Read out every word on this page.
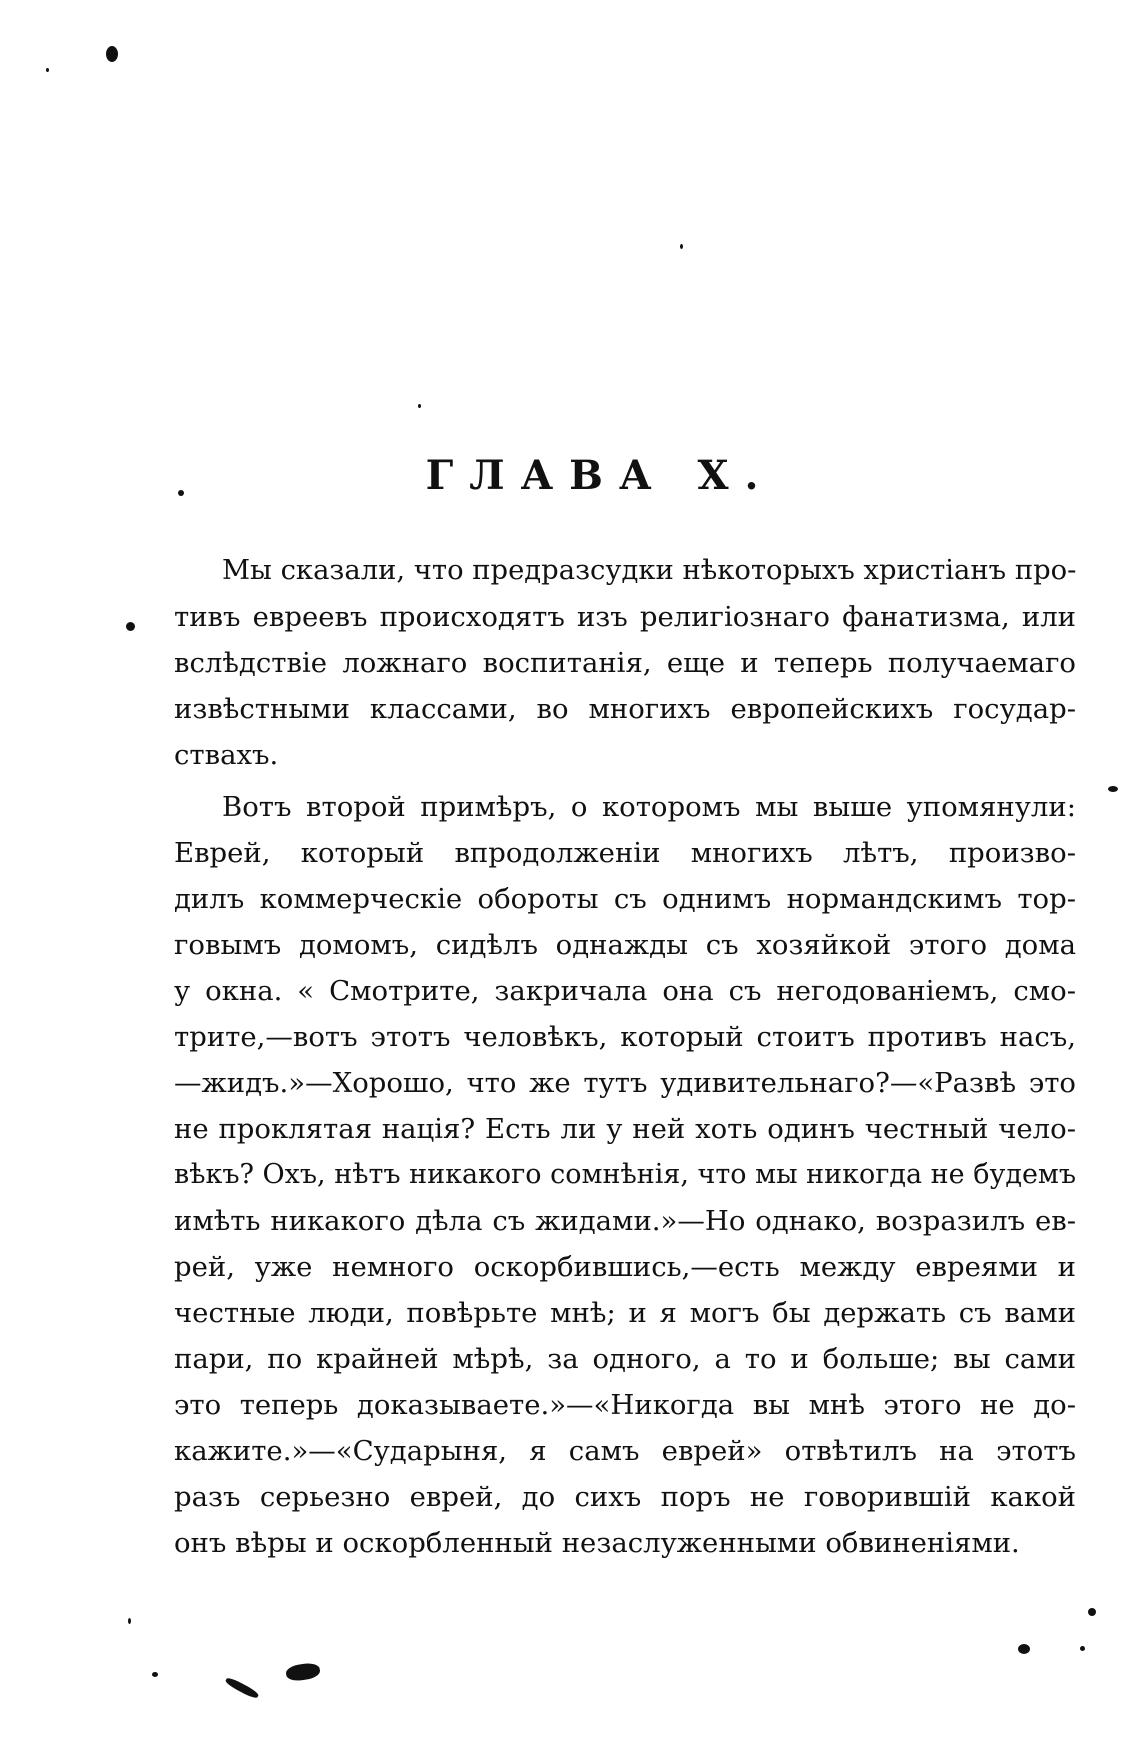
ГЛАВА Х.

Мы сказали, что предразсудки нѣкоторыхъ христіанъ про-
тивъ евреевъ происходятъ изъ религіознаго фанатизма, или
вслѣдствіе ложнаго воспитанія, еще и теперь получаемаго
извѣстными классами, во многихъ европейскихъ государ-
ствахъ.

Вотъ второй примѣръ, о которомъ мы выше упомянули:
Еврей, который впродолженіи многихъ лѣтъ, произво-
дилъ коммерческіе обороты съ однимъ нормандскимъ тор-
говымъ домомъ, сидѣлъ однажды съ хозяйкой этого дома
у окна. « Смотрите, закричала она съ негодованіемъ, смо-
трите,—вотъ этотъ человѣкъ, который стоитъ противъ насъ,
—жидъ.»—Хорошо, что же тутъ удивительнаго?—«Развѣ это
не проклятая нація? Есть ли у ней хоть одинъ честный чело-
вѣкъ? Охъ, нѣтъ никакого сомнѣнія, что мы никогда не будемъ
имѣть никакого дѣла съ жидами.»—Но однако, возразилъ ев-
рей, уже немного оскорбившись,—есть между евреями и
честные люди, повѣрьте мнѣ; и я могъ бы держать съ вами
пари, по крайней мѣрѣ, за одного, а то и больше; вы сами
это теперь доказываете.»—«Никогда вы мнѣ этого не до-
кажите.»—«Сударыня, я самъ еврей» отвѣтилъ на этотъ
разъ серьезно еврей, до сихъ поръ не говорившій какой
онъ вѣры и оскорбленный незаслуженными обвиненіями.
